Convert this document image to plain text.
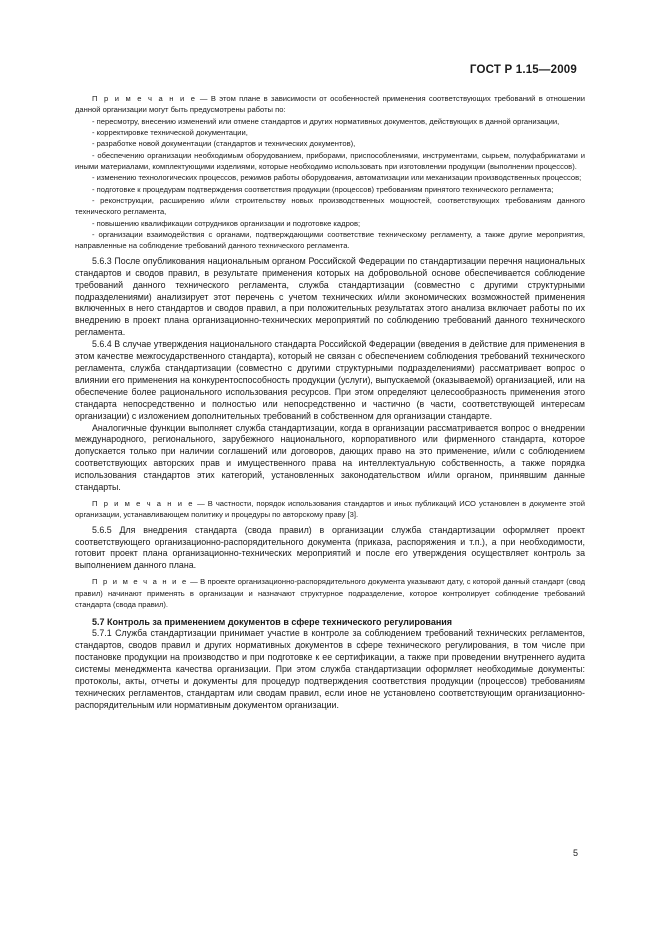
ГОСТ Р 1.15—2009

П р и м е ч а н и е — В этом плане в зависимости от особенностей применения соответствующих требований в отношении данной организации могут быть предусмотрены работы по:

- пересмотру, внесению изменений или отмене стандартов и других нормативных документов, действующих в данной организации,

- корректировке технической документации,

- разработке новой документации (стандартов и технических документов),

- обеспечению организации необходимым оборудованием, приборами, приспособлениями, инструментами, сырьем, полуфабрикатами и иными материалами, комплектующими изделиями, которые необходимо использовать при изготовлении продукции (выполнении процессов).

- изменению технологических процессов, режимов работы оборудования, автоматизации или механизации производственных процессов;

- подготовке к процедурам подтверждения соответствия продукции (процессов) требованиям принятого технического регламента;

- реконструкции, расширению и/или строительству новых производственных мощностей, соответствующих требованиям данного технического регламента,

- повышению квалификации сотрудников организации и подготовке кадров;

- организации взаимодействия с органами, подтверждающими соответствие техническому регламенту, а также другие мероприятия, направленные на соблюдение требований данного технического регламента.

5.6.3 После опубликования национальным органом Российской Федерации по стандартизации перечня национальных стандартов и сводов правил, в результате применения которых на добровольной основе обеспечивается соблюдение требований данного технического регламента, служба стандартизации (совместно с другими структурными подразделениями) анализирует этот перечень с учетом технических и/или экономических возможностей применения включенных в него стандартов и сводов правил, а при положительных результатах этого анализа включает работы по их внедрению в проект плана организационно-технических мероприятий по соблюдению требований данного технического регламента.

5.6.4 В случае утверждения национального стандарта Российской Федерации (введения в действие для применения в этом качестве межгосударственного стандарта), который не связан с обеспечением соблюдения требований технического регламента, служба стандартизации (совместно с другими структурными подразделениями) рассматривает вопрос о влиянии его применения на конкурентоспособность продукции (услуги), выпускаемой (оказываемой) организацией, или на обеспечение более рационального использования ресурсов. При этом определяют целесообразность применения этого стандарта непосредственно и полностью или непосредственно и частично (в части, соответствующей интересам организации) с изложением дополнительных требований в собственном для организации стандарте.

Аналогичные функции выполняет служба стандартизации, когда в организации рассматривается вопрос о внедрении международного, регионального, зарубежного национального, корпоративного или фирменного стандарта, которое допускается только при наличии соглашений или договоров, дающих право на это применение, и/или с соблюдением соответствующих авторских прав и имущественного права на интеллектуальную собственность, а также порядка использования стандартов этих категорий, установленных законодательством и/или органом, принявшим данные стандарты.

П р и м е ч а н и е — В частности, порядок использования стандартов и иных публикаций ИСО установлен в документе этой организации, устанавливающем политику и процедуры по авторскому праву [3].

5.6.5 Для внедрения стандарта (свода правил) в организации служба стандартизации оформляет проект соответствующего организационно-распорядительного документа (приказа, распоряжения и т.п.), а при необходимости, готовит проект плана организационно-технических мероприятий и после его утверждения осуществляет контроль за выполнением данного плана.

П р и м е ч а н и е — В проекте организационно-распорядительного документа указывают дату, с которой данный стандарт (свод правил) начинают применять в организации и назначают структурное подразделение, которое контролирует соблюдение требований стандарта (свода правил).

5.7 Контроль за применением документов в сфере технического регулирования

5.7.1 Служба стандартизации принимает участие в контроле за соблюдением требований технических регламентов, стандартов, сводов правил и других нормативных документов в сфере технического регулирования, в том числе при постановке продукции на производство и при подготовке к ее сертификации, а также при проведении внутреннего аудита системы менеджмента качества организации. При этом служба стандартизации оформляет необходимые документы: протоколы, акты, отчеты и документы для процедур подтверждения соответствия продукции (процессов) требованиям технических регламентов, стандартам или сводам правил, если иное не установлено соответствующим организационно-распорядительным или нормативным документом организации.

5
